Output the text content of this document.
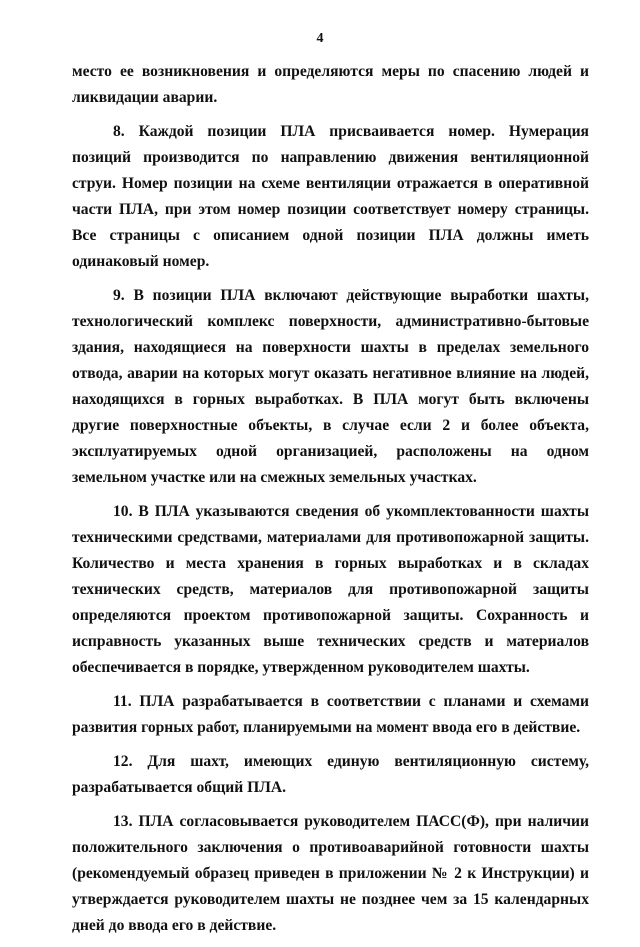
4

место ее возникновения и определяются меры по спасению людей и ликвидации аварии.

8. Каждой позиции ПЛА присваивается номер. Нумерация позиций производится по направлению движения вентиляционной струи. Номер позиции на схеме вентиляции отражается в оперативной части ПЛА, при этом номер позиции соответствует номеру страницы. Все страницы с описанием одной позиции ПЛА должны иметь одинаковый номер.

9. В позиции ПЛА включают действующие выработки шахты, технологический комплекс поверхности, административно-бытовые здания, находящиеся на поверхности шахты в пределах земельного отвода, аварии на которых могут оказать негативное влияние на людей, находящихся в горных выработках. В ПЛА могут быть включены другие поверхностные объекты, в случае если 2 и более объекта, эксплуатируемых одной организацией, расположены на одном земельном участке или на смежных земельных участках.

10. В ПЛА указываются сведения об укомплектованности шахты техническими средствами, материалами для противопожарной защиты. Количество и места хранения в горных выработках и в складах технических средств, материалов для противопожарной защиты определяются проектом противопожарной защиты. Сохранность и исправность указанных выше технических средств и материалов обеспечивается в порядке, утвержденном руководителем шахты.

11. ПЛА разрабатывается в соответствии с планами и схемами развития горных работ, планируемыми на момент ввода его в действие.

12. Для шахт, имеющих единую вентиляционную систему, разрабатывается общий ПЛА.

13. ПЛА согласовывается руководителем ПАСС(Ф), при наличии положительного заключения о противоаварийной готовности шахты (рекомендуемый образец приведен в приложении № 2 к Инструкции) и утверждается руководителем шахты не позднее чем за 15 календарных дней до ввода его в действие.
